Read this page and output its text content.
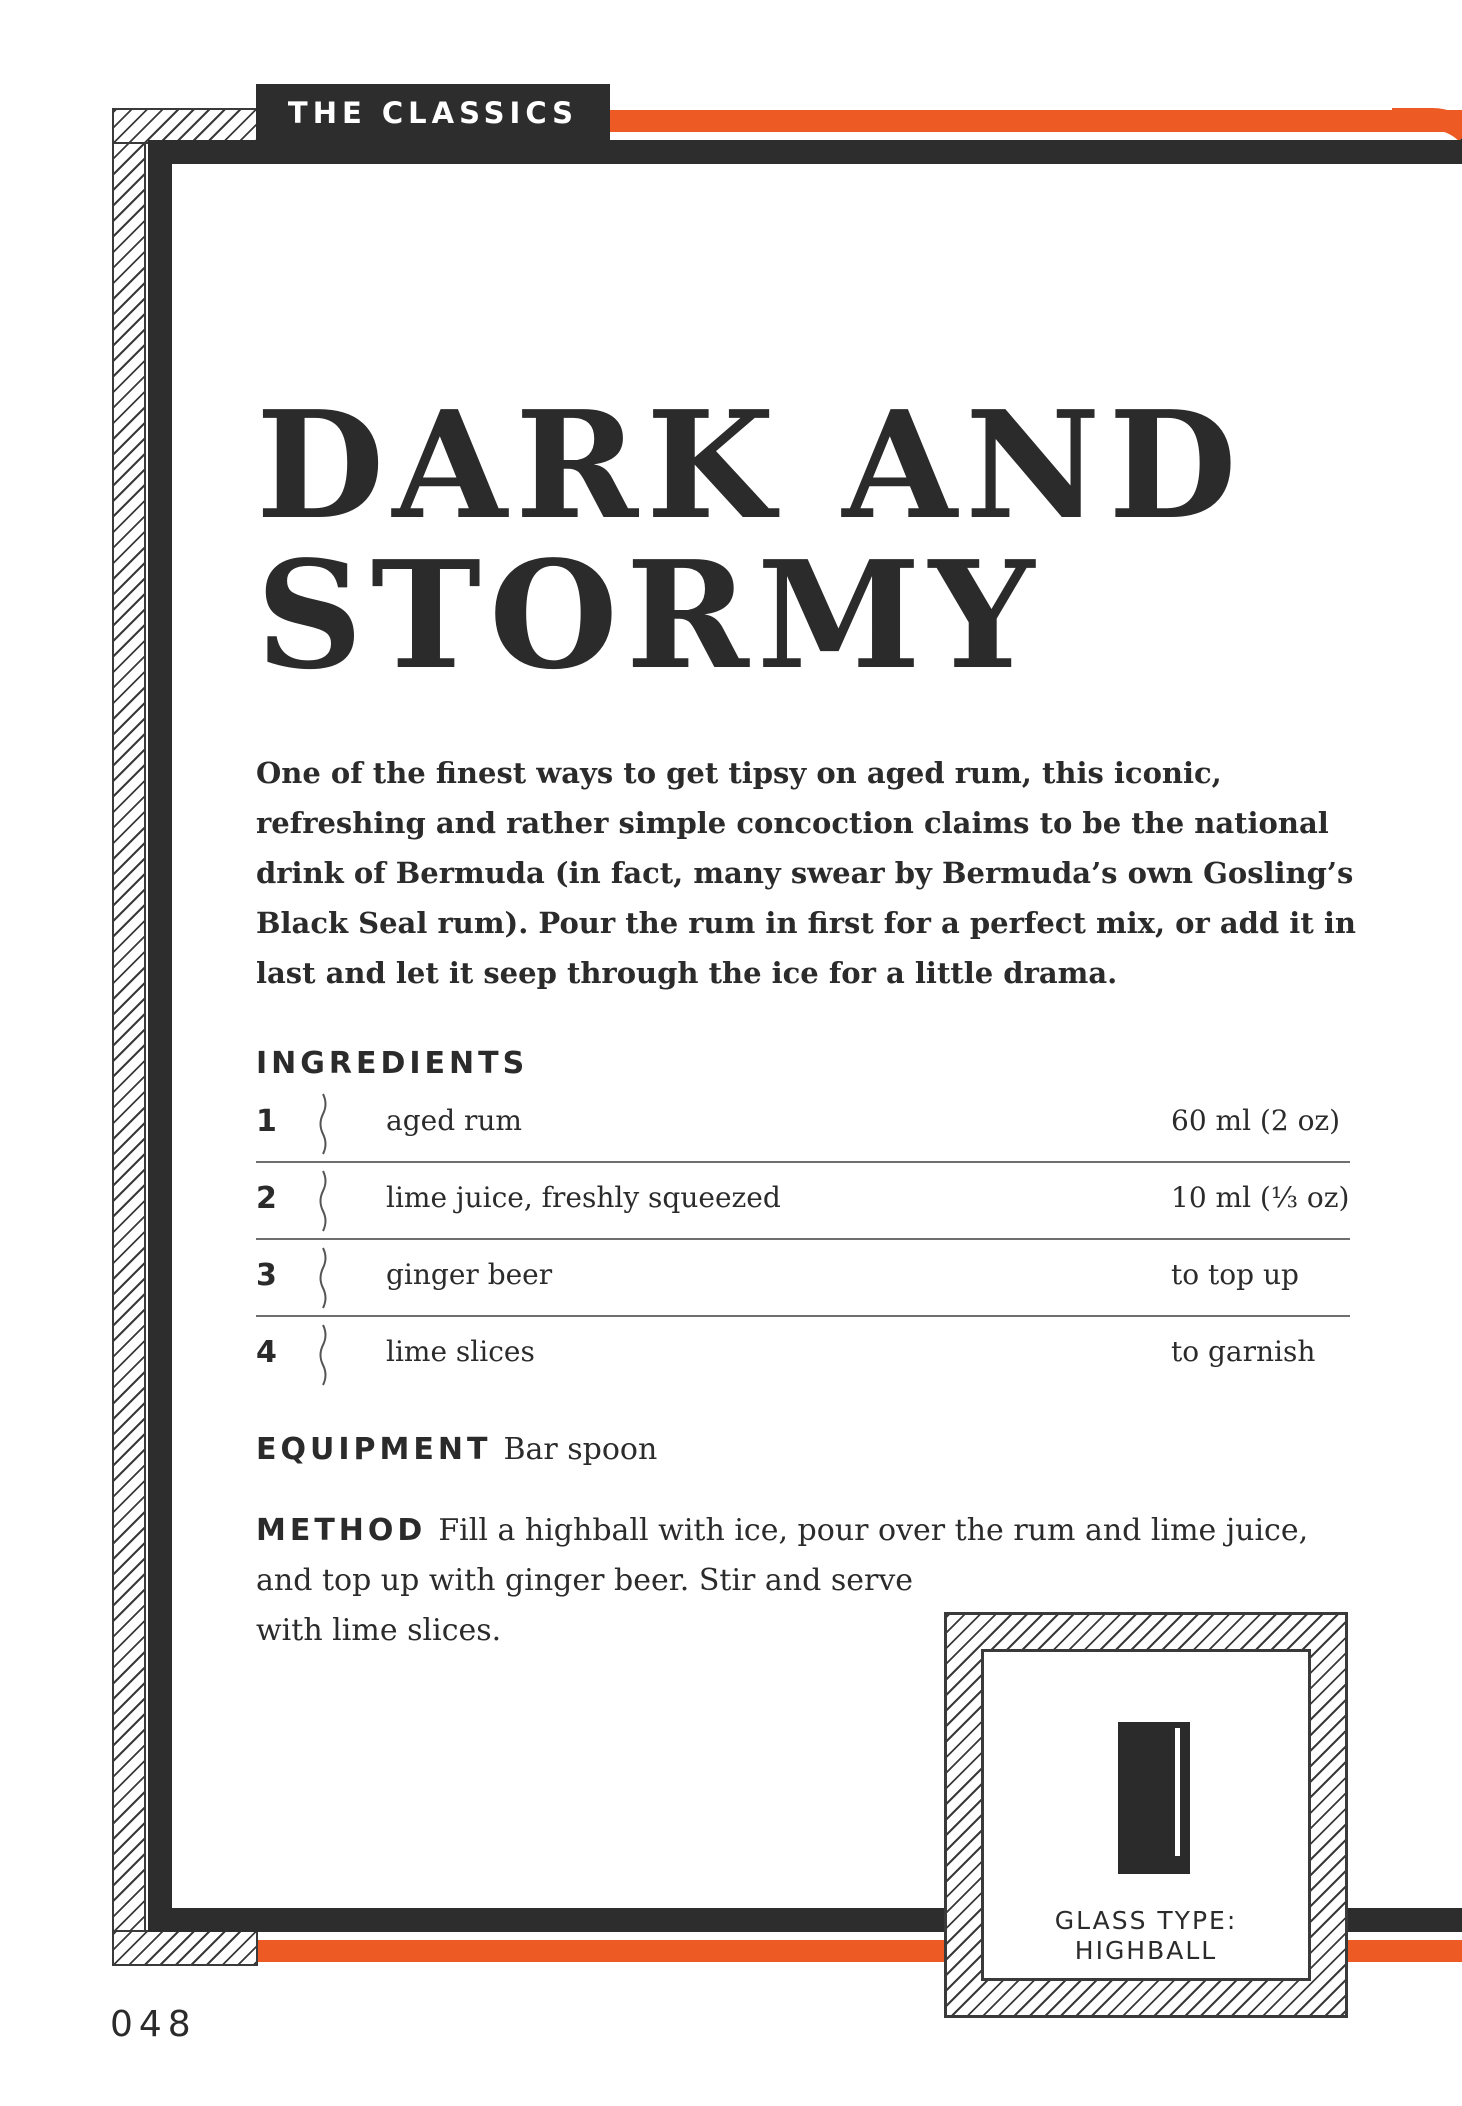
THE CLASSICS
DARK AND
STORMY

One of the finest ways to get tipsy on aged rum, this iconic, refreshing and rather simple concoction claims to be the national drink of Bermuda (in fact, many swear by Bermuda’s own Gosling’s Black Seal rum). Pour the rum in first for a perfect mix, or add it in last and let it seep through the ice for a little drama.

INGREDIENTS
1	aged rum	60 ml (2 oz)
2	lime juice, freshly squeezed	10 ml (⅓ oz)
3	ginger beer	to top up
4	lime slices	to garnish
EQUIPMENT Bar spoon
METHOD Fill a highball with ice, pour over the rum and lime juice,
and top up with ginger beer. Stir and serve
with lime slices.
GLASS TYPE:
HIGHBALL
048
